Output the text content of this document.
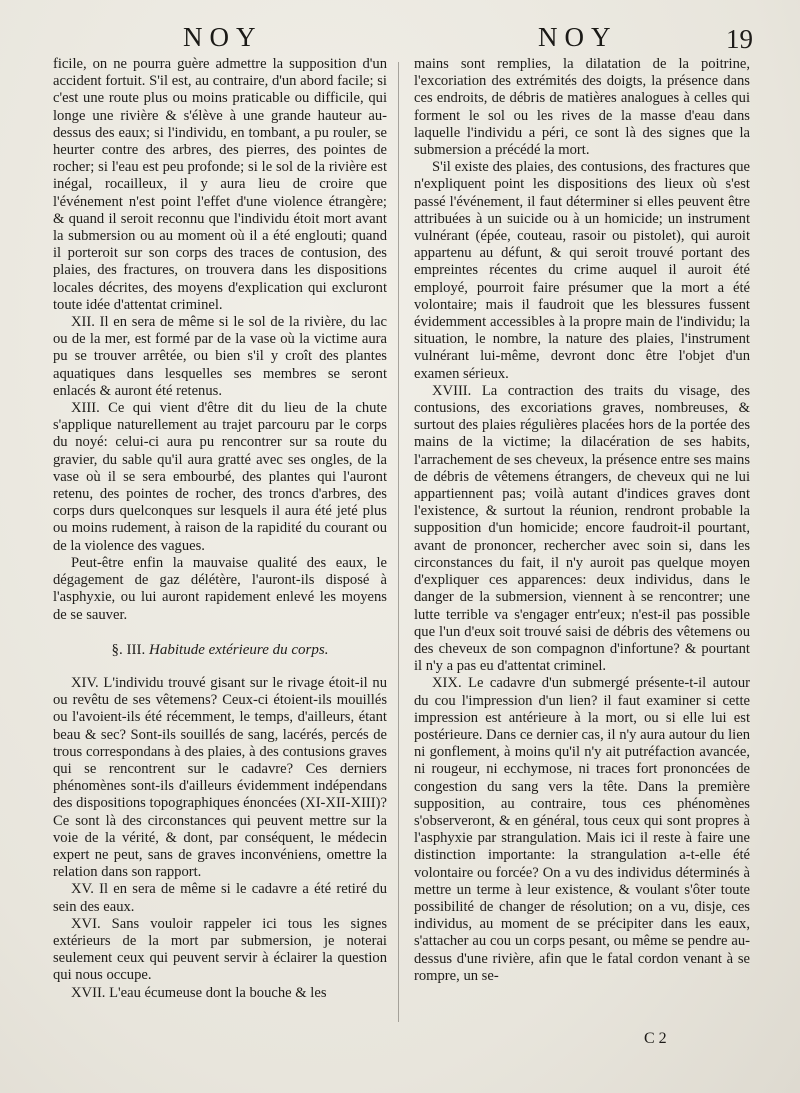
NOY	NOY	19

ficile, on ne pourra guère admettre la supposition d'un accident fortuit. S'il est, au contraire, d'un abord facile; si c'est une route plus ou moins praticable ou difficile, qui longe une rivière & s'élève à une grande hauteur au-dessus des eaux; si l'individu, en tombant, a pu rouler, se heurter contre des arbres, des pierres, des pointes de rocher; si l'eau est peu profonde; si le sol de la rivière est inégal, rocailleux, il y aura lieu de croire que l'événement n'est point l'effet d'une violence étrangère; & quand il seroit reconnu que l'individu étoit mort avant la submersion ou au moment où il a été englouti; quand il porteroit sur son corps des traces de contusion, des plaies, des fractures, on trouvera dans les dispositions locales décrites, des moyens d'explication qui excluront toute idée d'attentat criminel.

XII. Il en sera de même si le sol de la rivière, du lac ou de la mer, est formé par de la vase où la victime aura pu se trouver arrêtée, ou bien s'il y croît des plantes aquatiques dans lesquelles ses membres se seront enlacés & auront été retenus.

XIII. Ce qui vient d'être dit du lieu de la chute s'applique naturellement au trajet parcouru par le corps du noyé: celui-ci aura pu rencontrer sur sa route du gravier, du sable qu'il aura gratté avec ses ongles, de la vase où il se sera embourbé, des plantes qui l'auront retenu, des pointes de rocher, des troncs d'arbres, des corps durs quelconques sur lesquels il aura été jeté plus ou moins rudement, à raison de la rapidité du courant ou de la violence des vagues.

Peut-être enfin la mauvaise qualité des eaux, le dégagement de gaz délétère, l'auront-ils disposé à l'asphyxie, ou lui auront rapidement enlevé les moyens de se sauver.

§. III. Habitude extérieure du corps.

XIV. L'individu trouvé gisant sur le rivage étoit-il nu ou revêtu de ses vêtemens? Ceux-ci étoient-ils mouillés ou l'avoient-ils été récemment, le temps, d'ailleurs, étant beau & sec? Sont-ils souillés de sang, lacérés, percés de trous correspondans à des plaies, à des contusions graves qui se rencontrent sur le cadavre? Ces derniers phénomènes sont-ils d'ailleurs évidemment indépendans des dispositions topographiques énoncées (XI-XII-XIII)? Ce sont là des circonstances qui peuvent mettre sur la voie de la vérité, & dont, par conséquent, le médecin expert ne peut, sans de graves inconvéniens, omettre la relation dans son rapport.

XV. Il en sera de même si le cadavre a été retiré du sein des eaux.

XVI. Sans vouloir rappeler ici tous les signes extérieurs de la mort par submersion, je noterai seulement ceux qui peuvent servir à éclairer la question qui nous occupe.

XVII. L'eau écumeuse dont la bouche & les

mains sont remplies, la dilatation de la poitrine, l'excoriation des extrémités des doigts, la présence dans ces endroits, de débris de matières analogues à celles qui forment le sol ou les rives de la masse d'eau dans laquelle l'individu a péri, ce sont là des signes que la submersion a précédé la mort.

S'il existe des plaies, des contusions, des fractures que n'expliquent point les dispositions des lieux où s'est passé l'événement, il faut déterminer si elles peuvent être attribuées à un suicide ou à un homicide; un instrument vulnérant (épée, couteau, rasoir ou pistolet), qui auroit appartenu au défunt, & qui seroit trouvé portant des empreintes récentes du crime auquel il auroit été employé, pourroit faire présumer que la mort a été volontaire; mais il faudroit que les blessures fussent évidemment accessibles à la propre main de l'individu; la situation, le nombre, la nature des plaies, l'instrument vulnérant lui-même, devront donc être l'objet d'un examen sérieux.

XVIII. La contraction des traits du visage, des contusions, des excoriations graves, nombreuses, & surtout des plaies régulières placées hors de la portée des mains de la victime; la dilacération de ses habits, l'arrachement de ses cheveux, la présence entre ses mains de débris de vêtemens étrangers, de cheveux qui ne lui appartiennent pas; voilà autant d'indices graves dont l'existence, & surtout la réunion, rendront probable la supposition d'un homicide; encore faudroit-il pourtant, avant de prononcer, rechercher avec soin si, dans les circonstances du fait, il n'y auroit pas quelque moyen d'expliquer ces apparences: deux individus, dans le danger de la submersion, viennent à se rencontrer; une lutte terrible va s'engager entr'eux; n'est-il pas possible que l'un d'eux soit trouvé saisi de débris des vêtemens ou des cheveux de son compagnon d'infortune? & pourtant il n'y a pas eu d'attentat criminel.

XIX. Le cadavre d'un submergé présente-t-il autour du cou l'impression d'un lien? il faut examiner si cette impression est antérieure à la mort, ou si elle lui est postérieure. Dans ce dernier cas, il n'y aura autour du lien ni gonflement, à moins qu'il n'y ait putréfaction avancée, ni rougeur, ni ecchymose, ni traces fort prononcées de congestion du sang vers la tête. Dans la première supposition, au contraire, tous ces phénomènes s'observeront, & en général, tous ceux qui sont propres à l'asphyxie par strangulation. Mais ici il reste à faire une distinction importante: la strangulation a-t-elle été volontaire ou forcée? On a vu des individus déterminés à mettre un terme à leur existence, & voulant s'ôter toute possibilité de changer de résolution; on a vu, disje, ces individus, au moment de se précipiter dans les eaux, s'attacher au cou un corps pesant, ou même se pendre au-dessus d'une rivière, afin que le fatal cordon venant à se rompre, un se-

C 2
